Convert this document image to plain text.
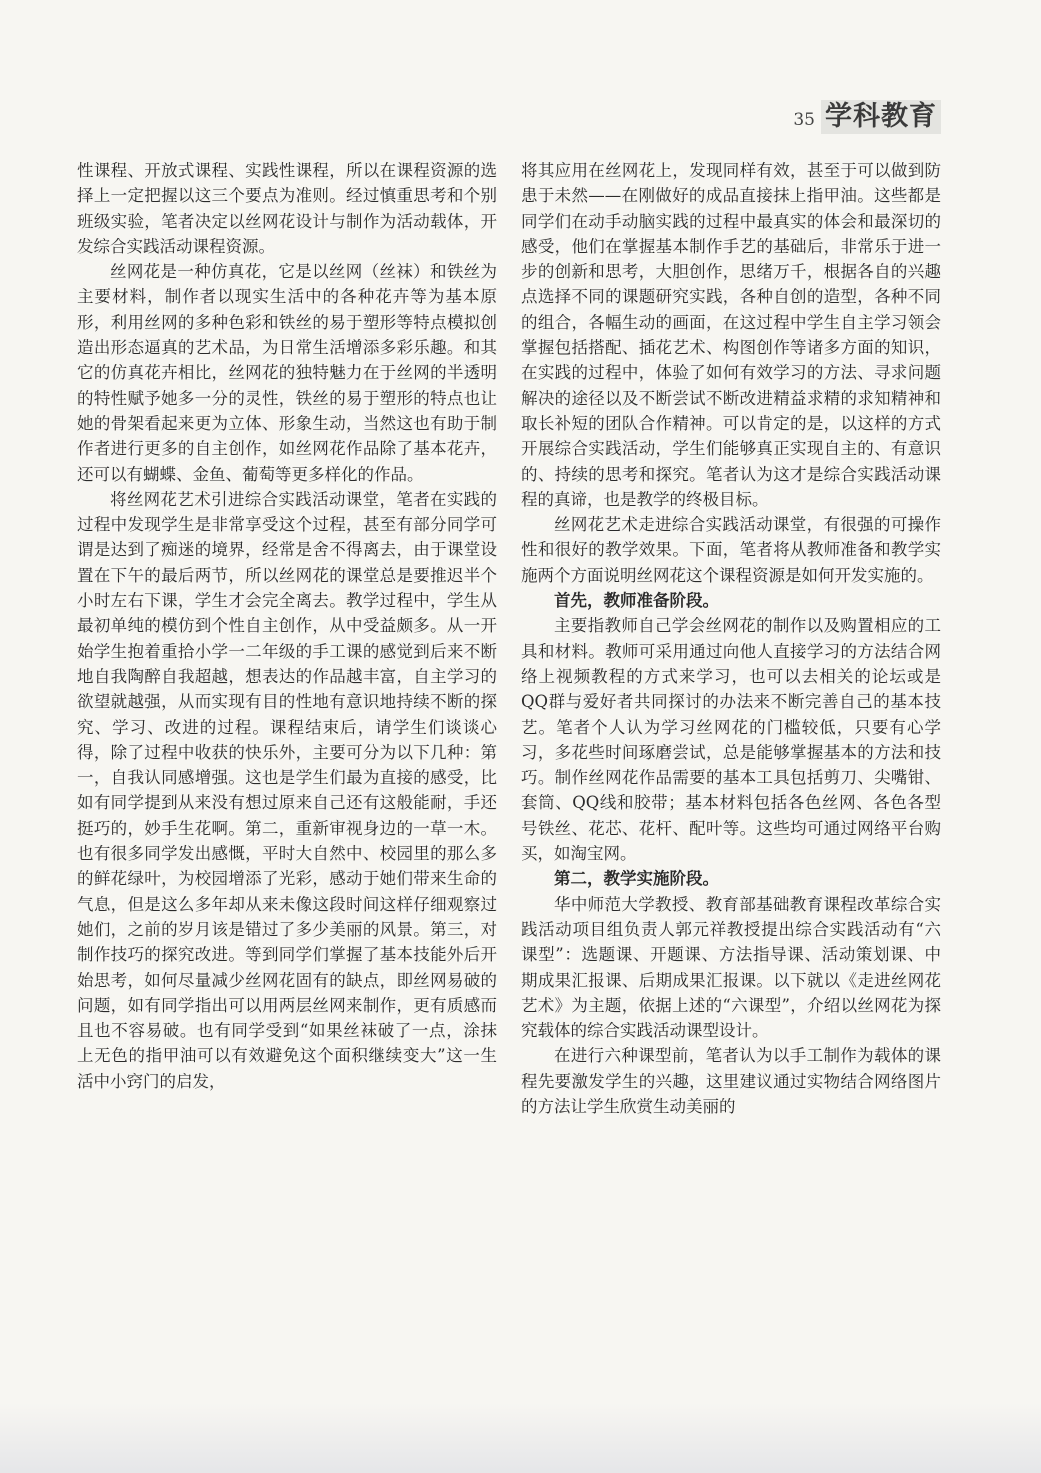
35 学科教育

性课程、开放式课程、实践性课程，所以在课程资源的选择上一定把握以这三个要点为准则。经过慎重思考和个别班级实验，笔者决定以丝网花设计与制作为活动载体，开发综合实践活动课程资源。

丝网花是一种仿真花，它是以丝网（丝袜）和铁丝为主要材料，制作者以现实生活中的各种花卉等为基本原形，利用丝网的多种色彩和铁丝的易于塑形等特点模拟创造出形态逼真的艺术品，为日常生活增添多彩乐趣。和其它的仿真花卉相比，丝网花的独特魅力在于丝网的半透明的特性赋予她多一分的灵性，铁丝的易于塑形的特点也让她的骨架看起来更为立体、形象生动，当然这也有助于制作者进行更多的自主创作，如丝网花作品除了基本花卉，还可以有蝴蝶、金鱼、葡萄等更多样化的作品。

将丝网花艺术引进综合实践活动课堂，笔者在实践的过程中发现学生是非常享受这个过程，甚至有部分同学可谓是达到了痴迷的境界，经常是舍不得离去，由于课堂设置在下午的最后两节，所以丝网花的课堂总是要推迟半个小时左右下课，学生才会完全离去。教学过程中，学生从最初单纯的模仿到个性自主创作，从中受益颇多。从一开始学生抱着重拾小学一二年级的手工课的感觉到后来不断地自我陶醉自我超越，想表达的作品越丰富，自主学习的欲望就越强，从而实现有目的性地有意识地持续不断的探究、学习、改进的过程。课程结束后，请学生们谈谈心得，除了过程中收获的快乐外，主要可分为以下几种：第一，自我认同感增强。这也是学生们最为直接的感受，比如有同学提到从来没有想过原来自己还有这般能耐，手还挺巧的，妙手生花啊。第二，重新审视身边的一草一木。也有很多同学发出感慨，平时大自然中、校园里的那么多的鲜花绿叶，为校园增添了光彩，感动于她们带来生命的气息，但是这么多年却从来未像这段时间这样仔细观察过她们，之前的岁月该是错过了多少美丽的风景。第三，对制作技巧的探究改进。等到同学们掌握了基本技能外后开始思考，如何尽量减少丝网花固有的缺点，即丝网易破的问题，如有同学指出可以用两层丝网来制作，更有质感而且也不容易破。也有同学受到“如果丝袜破了一点，涂抹上无色的指甲油可以有效避免这个面积继续变大”这一生活中小窍门的启发，

将其应用在丝网花上，发现同样有效，甚至于可以做到防患于未然——在刚做好的成品直接抹上指甲油。这些都是同学们在动手动脑实践的过程中最真实的体会和最深切的感受，他们在掌握基本制作手艺的基础后，非常乐于进一步的创新和思考，大胆创作，思绪万千，根据各自的兴趣点选择不同的课题研究实践，各种自创的造型，各种不同的组合，各幅生动的画面，在这过程中学生自主学习领会掌握包括搭配、插花艺术、构图创作等诸多方面的知识，在实践的过程中，体验了如何有效学习的方法、寻求问题解决的途径以及不断尝试不断改进精益求精的求知精神和取长补短的团队合作精神。可以肯定的是，以这样的方式开展综合实践活动，学生们能够真正实现自主的、有意识的、持续的思考和探究。笔者认为这才是综合实践活动课程的真谛，也是教学的终极目标。

丝网花艺术走进综合实践活动课堂，有很强的可操作性和很好的教学效果。下面，笔者将从教师准备和教学实施两个方面说明丝网花这个课程资源是如何开发实施的。

首先，教师准备阶段。

主要指教师自己学会丝网花的制作以及购置相应的工具和材料。教师可采用通过向他人直接学习的方法结合网络上视频教程的方式来学习，也可以去相关的论坛或是QQ群与爱好者共同探讨的办法来不断完善自己的基本技艺。笔者个人认为学习丝网花的门槛较低，只要有心学习，多花些时间琢磨尝试，总是能够掌握基本的方法和技巧。制作丝网花作品需要的基本工具包括剪刀、尖嘴钳、套筒、QQ线和胶带；基本材料包括各色丝网、各色各型号铁丝、花芯、花杆、配叶等。这些均可通过网络平台购买，如淘宝网。

第二，教学实施阶段。

华中师范大学教授、教育部基础教育课程改革综合实践活动项目组负责人郭元祥教授提出综合实践活动有“六课型”：选题课、开题课、方法指导课、活动策划课、中期成果汇报课、后期成果汇报课。以下就以《走进丝网花艺术》为主题，依据上述的“六课型”，介绍以丝网花为探究载体的综合实践活动课型设计。

在进行六种课型前，笔者认为以手工制作为载体的课程先要激发学生的兴趣，这里建议通过实物结合网络图片的方法让学生欣赏生动美丽的
